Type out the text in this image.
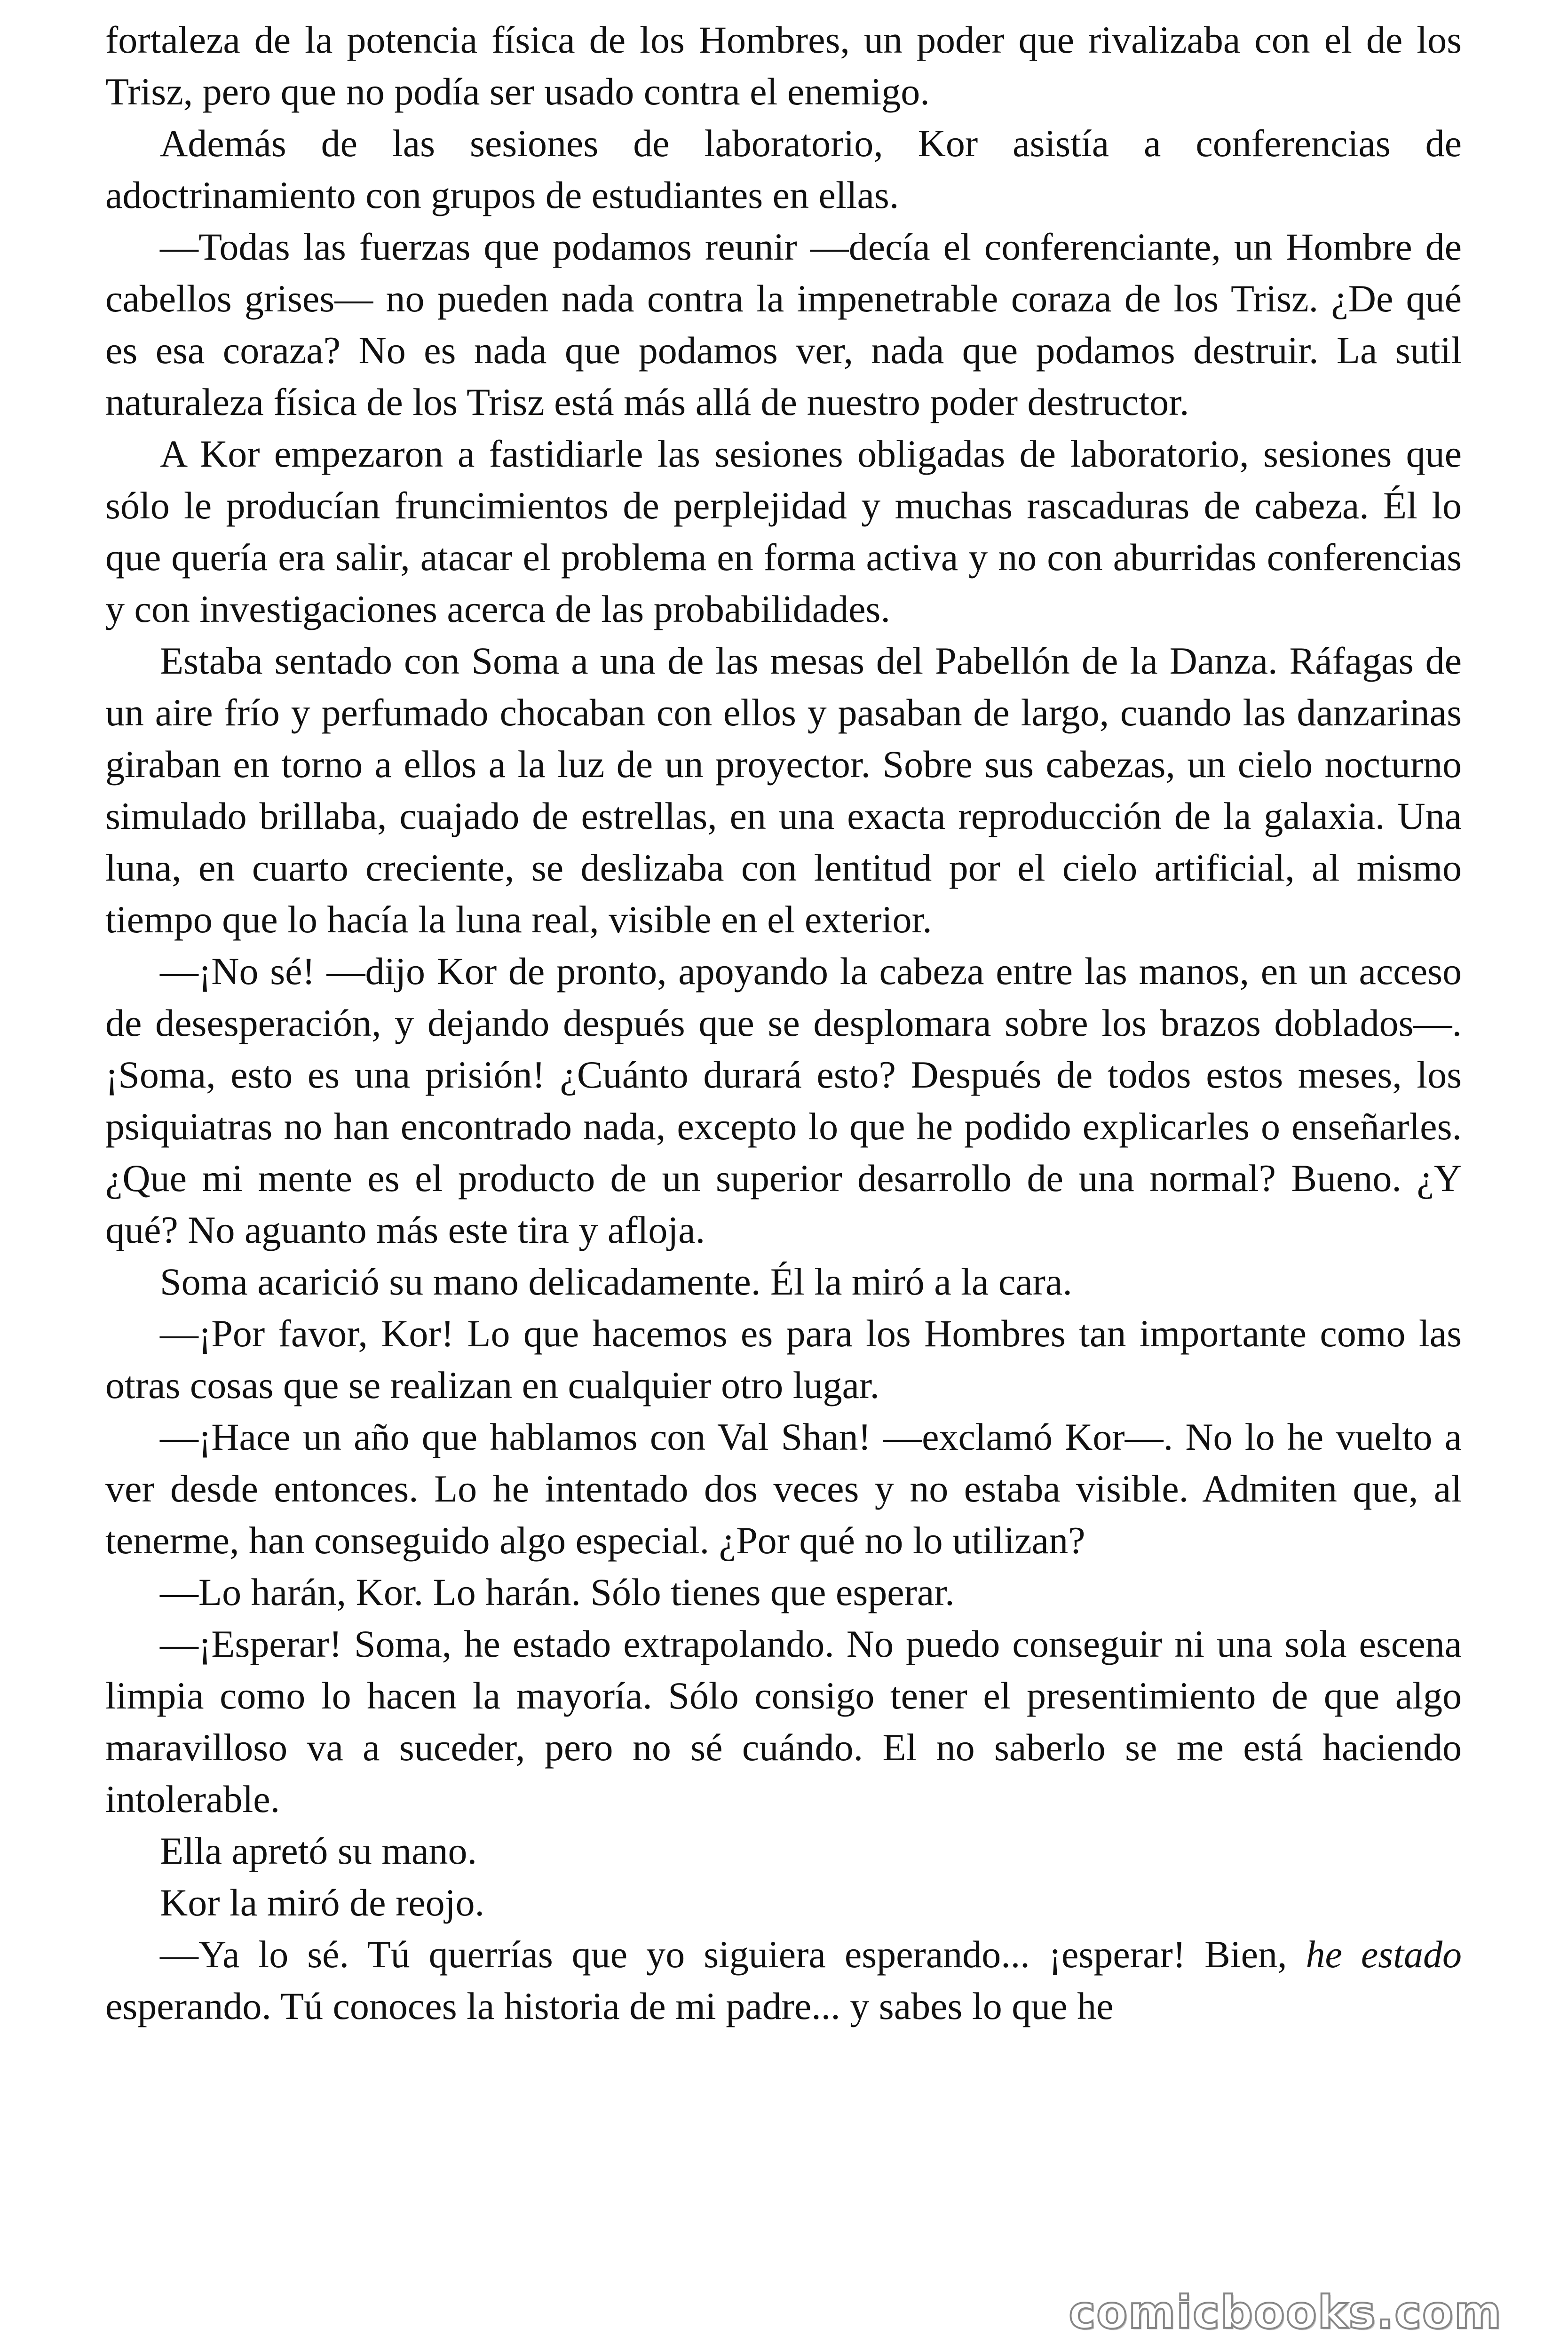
fortaleza de la potencia física de los Hombres, un poder que rivalizaba con el de los Trisz, pero que no podía ser usado contra el enemigo.

Además de las sesiones de laboratorio, Kor asistía a conferencias de adoctrinamiento con grupos de estudiantes en ellas.

—Todas las fuerzas que podamos reunir —decía el conferenciante, un Hombre de cabellos grises— no pueden nada contra la impenetrable coraza de los Trisz. ¿De qué es esa coraza? No es nada que podamos ver, nada que podamos destruir. La sutil naturaleza física de los Trisz está más allá de nuestro poder destructor.

A Kor empezaron a fastidiarle las sesiones obligadas de laboratorio, sesiones que sólo le producían fruncimientos de perplejidad y muchas rascaduras de cabeza. Él lo que quería era salir, atacar el problema en forma activa y no con aburridas conferencias y con investigaciones acerca de las probabilidades.

Estaba sentado con Soma a una de las mesas del Pabellón de la Danza. Ráfagas de un aire frío y perfumado chocaban con ellos y pasaban de largo, cuando las danzarinas giraban en torno a ellos a la luz de un proyector. Sobre sus cabezas, un cielo nocturno simulado brillaba, cuajado de estrellas, en una exacta reproducción de la galaxia. Una luna, en cuarto creciente, se deslizaba con lentitud por el cielo artificial, al mismo tiempo que lo hacía la luna real, visible en el exterior.

—¡No sé! —dijo Kor de pronto, apoyando la cabeza entre las manos, en un acceso de desesperación, y dejando después que se desplomara sobre los brazos doblados—. ¡Soma, esto es una prisión! ¿Cuánto durará esto? Después de todos estos meses, los psiquiatras no han encontrado nada, excepto lo que he podido explicarles o enseñarles. ¿Que mi mente es el producto de un superior desarrollo de una normal? Bueno. ¿Y qué? No aguanto más este tira y afloja.

Soma acarició su mano delicadamente. Él la miró a la cara.

—¡Por favor, Kor! Lo que hacemos es para los Hombres tan importante como las otras cosas que se realizan en cualquier otro lugar.

—¡Hace un año que hablamos con Val Shan! —exclamó Kor—. No lo he vuelto a ver desde entonces. Lo he intentado dos veces y no estaba visible. Admiten que, al tenerme, han conseguido algo especial. ¿Por qué no lo utilizan?

—Lo harán, Kor. Lo harán. Sólo tienes que esperar.

—¡Esperar! Soma, he estado extrapolando. No puedo conseguir ni una sola escena limpia como lo hacen la mayoría. Sólo consigo tener el presentimiento de que algo maravilloso va a suceder, pero no sé cuándo. El no saberlo se me está haciendo intolerable.

Ella apretó su mano.

Kor la miró de reojo.

—Ya lo sé. Tú querrías que yo siguiera esperando... ¡esperar! Bien, he estado esperando. Tú conoces la historia de mi padre... y sabes lo que he

comicbooks.com
